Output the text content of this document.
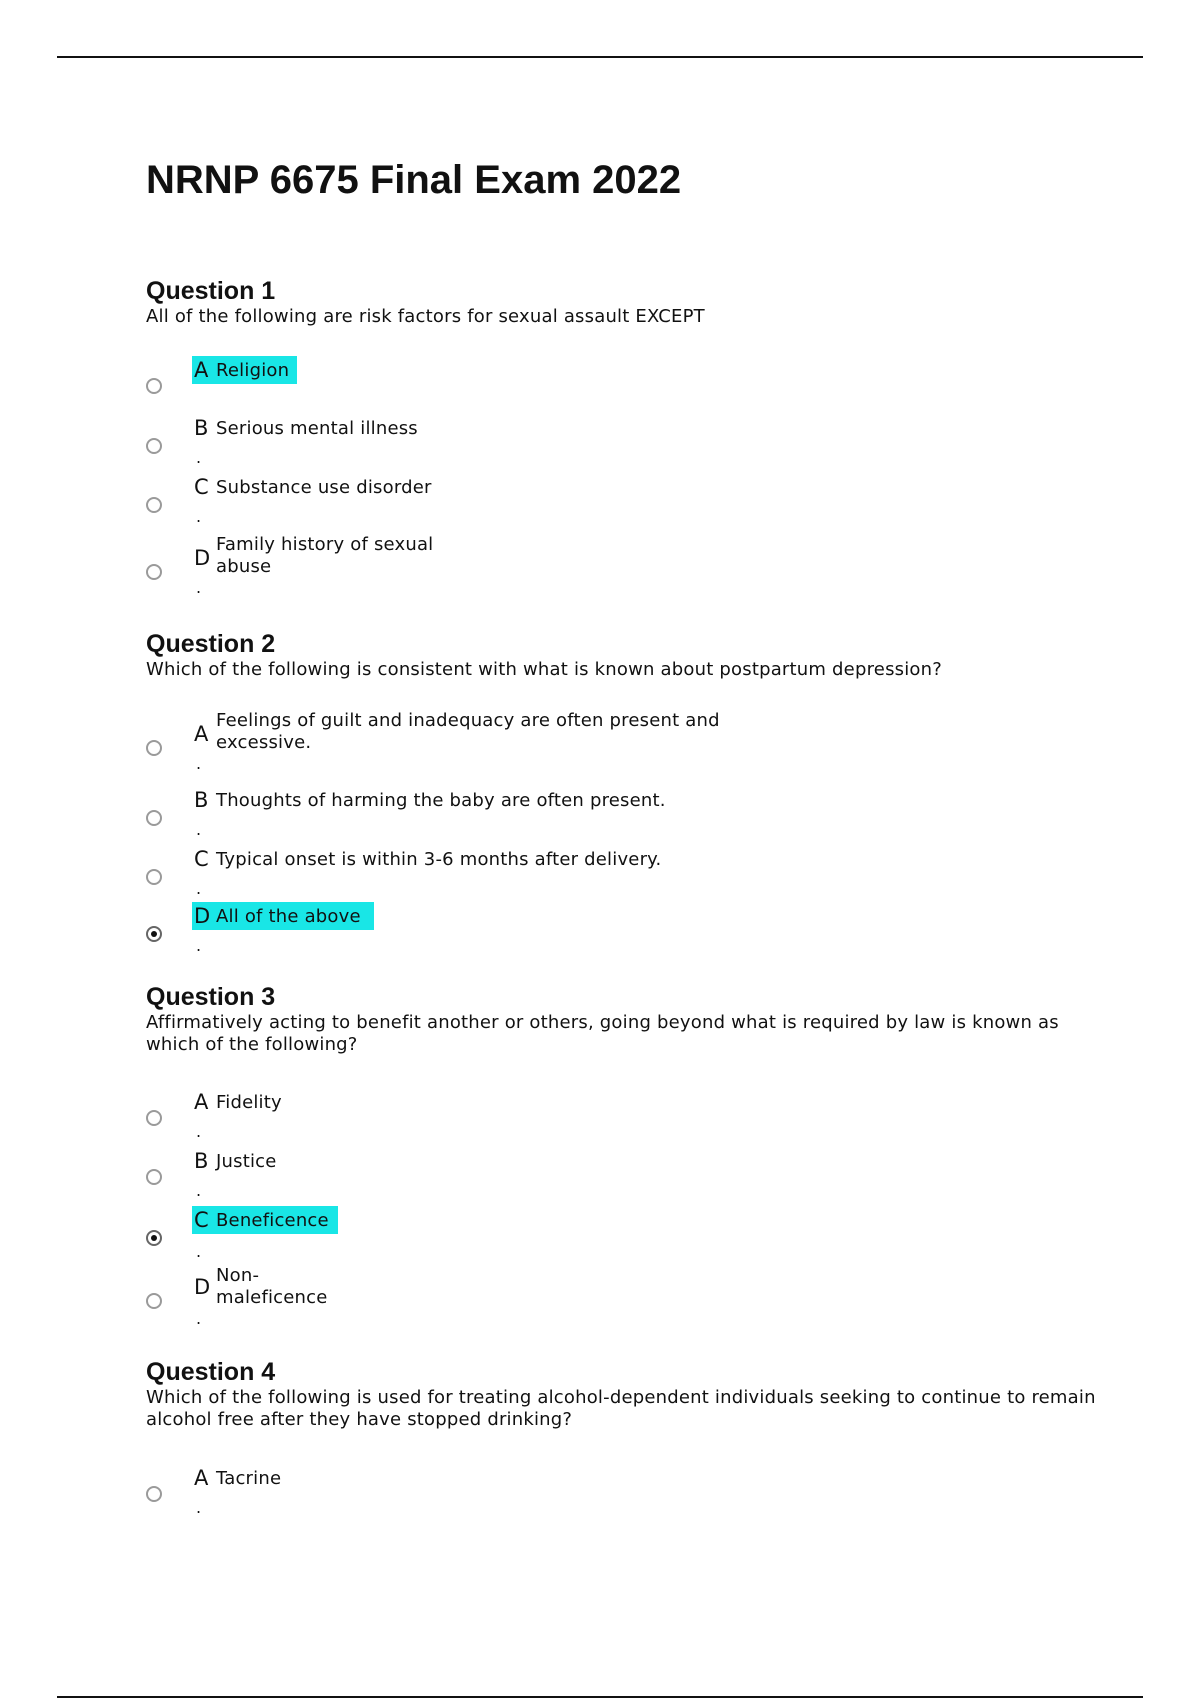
NRNP 6675 Final Exam 2022
Question 1
All of the following are risk factors for sexual assault EXCEPT
A Religion
B
.
Serious mental illness
C
.
Substance use disorder
D
.
Family history of sexual
abuse
Question 2
Which of the following is consistent with what is known about postpartum depression?
A
.
Feelings of guilt and inadequacy are often present and
excessive.
B
.
Thoughts of harming the baby are often present.
C
.
Typical onset is within 3-6 months after delivery.
D
.
All of the above
Question 3
Affirmatively acting to benefit another or others, going beyond what is required by law is known as which of the following?
A
.
Fidelity
B
.
Justice
C
.
Beneficence
D
.
Non-
maleficence
Question 4
Which of the following is used for treating alcohol-dependent individuals seeking to continue to remain alcohol free after they have stopped drinking?
A
.
Tacrine
